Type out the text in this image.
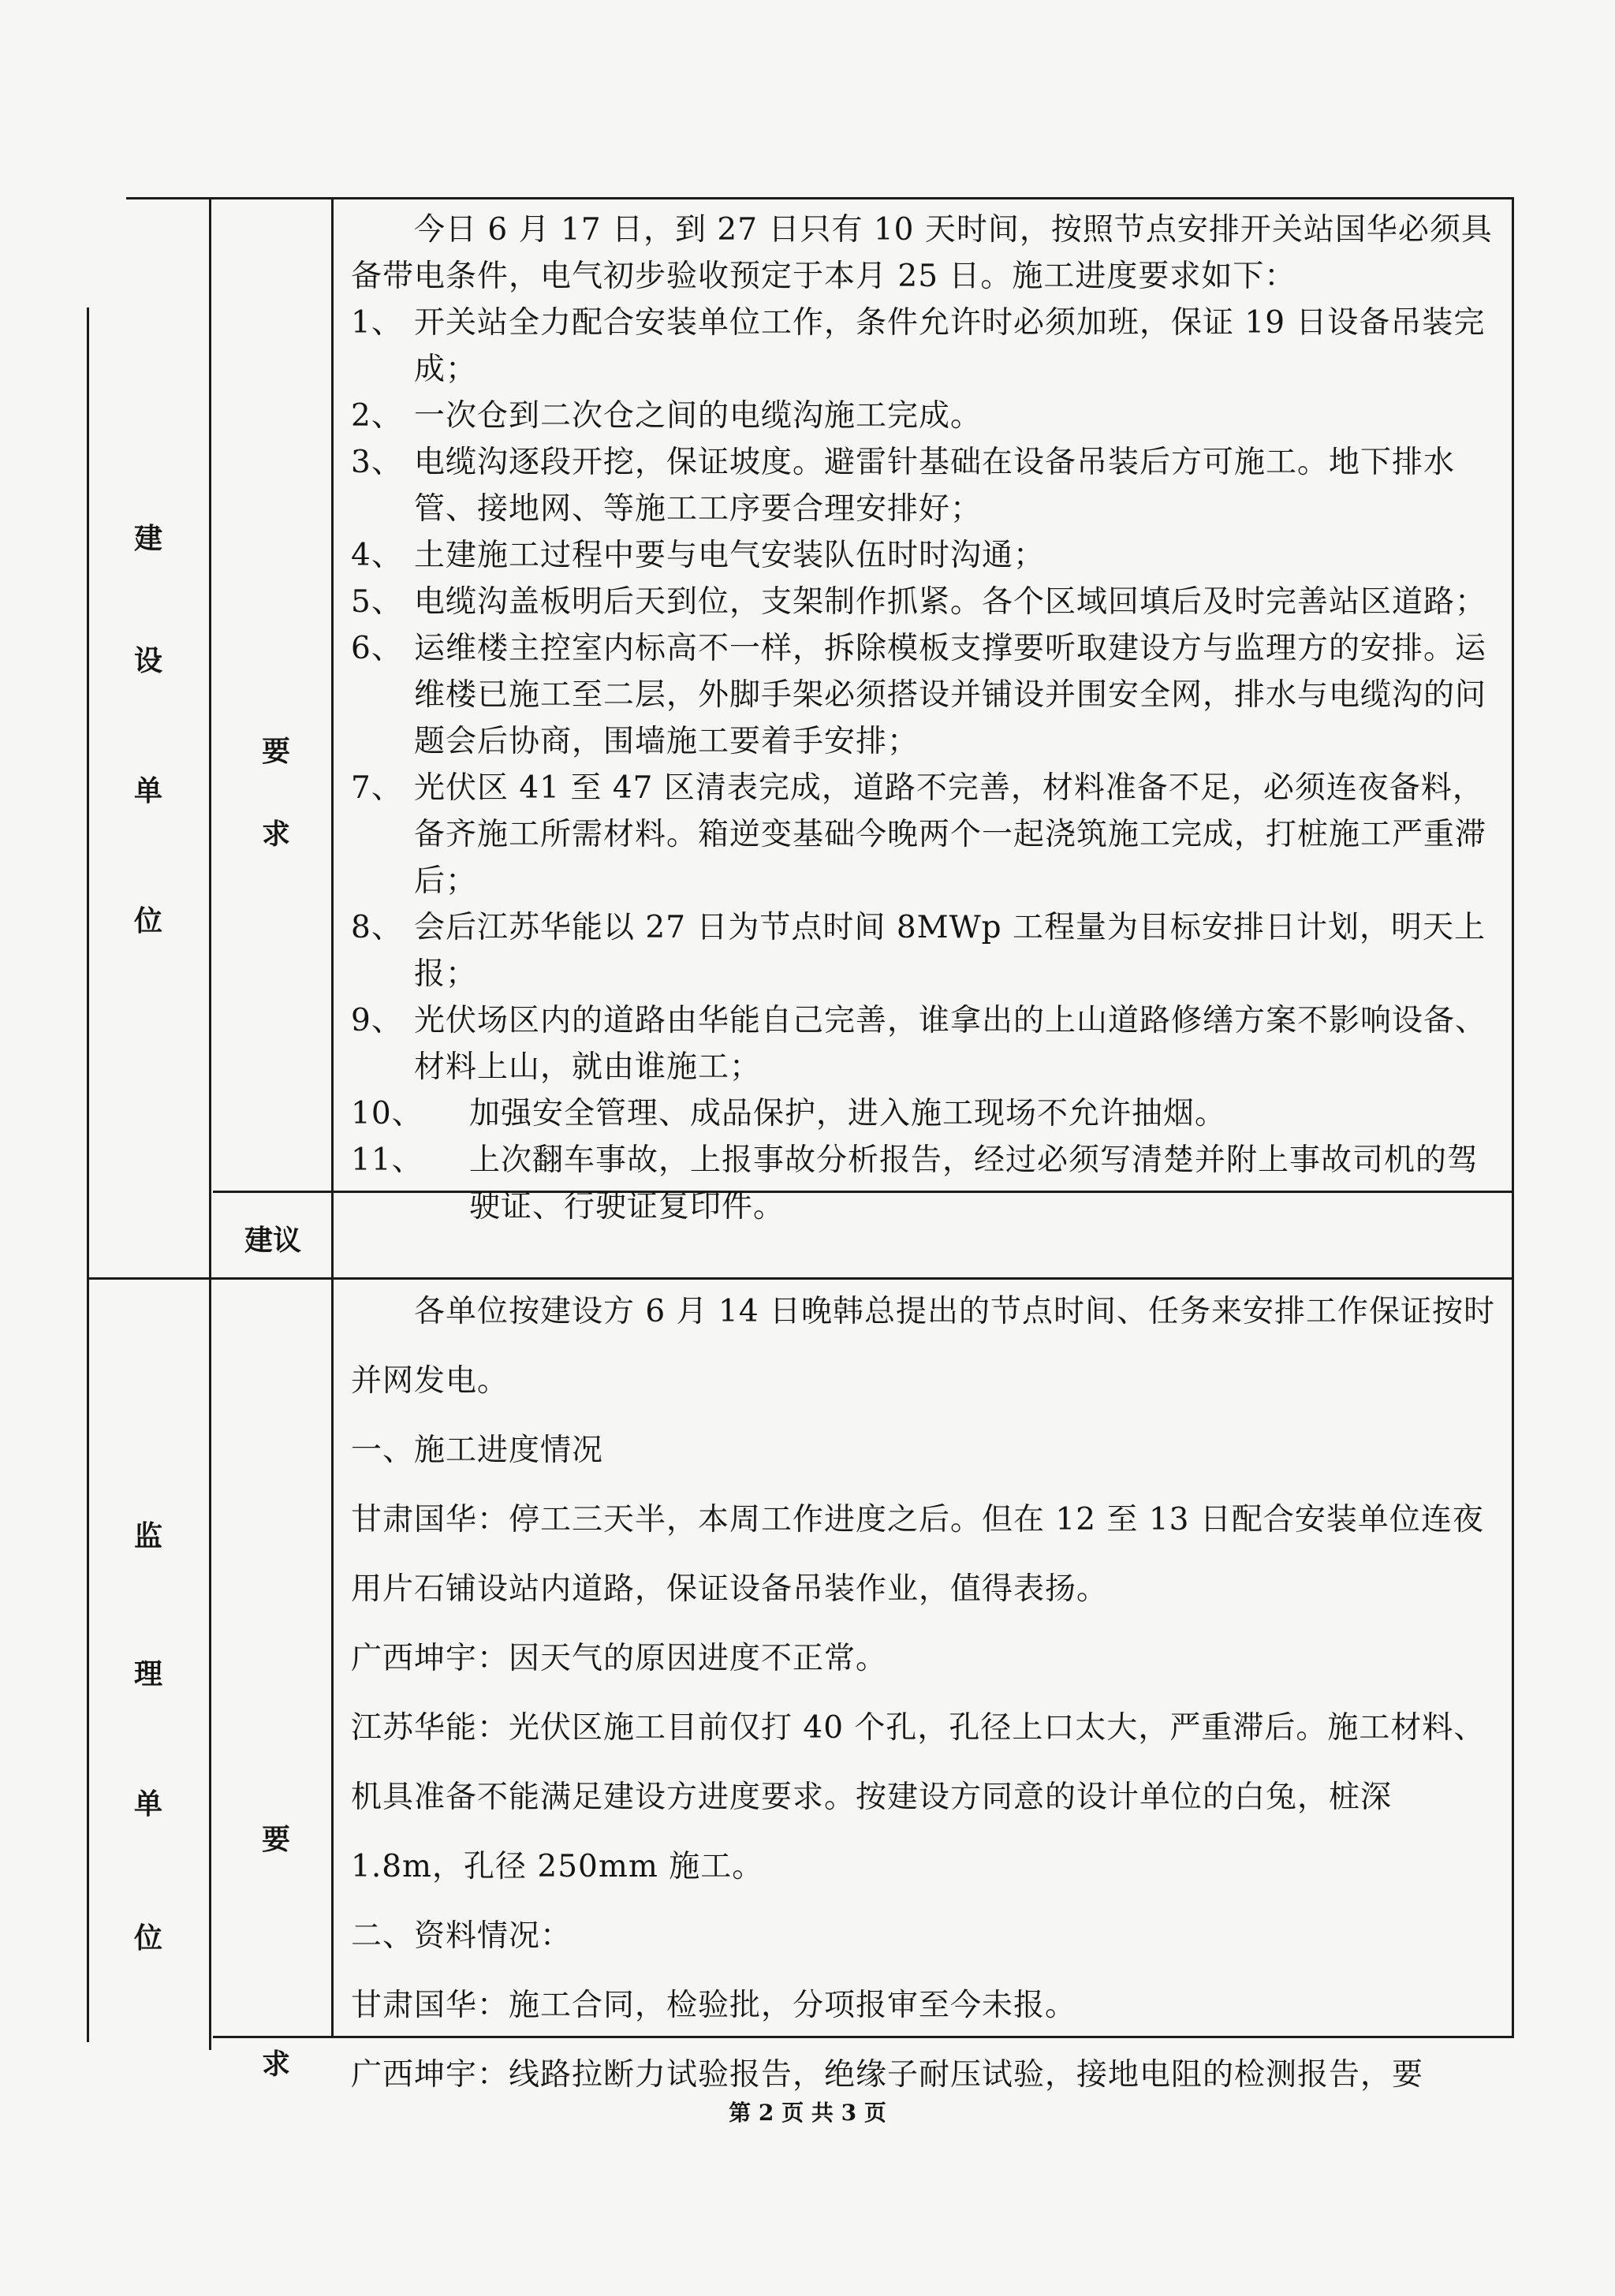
建
设
单
位
要
求
建议

今日 6 月 17 日，到 27 日只有 10 天时间，按照节点安排开关站国华必须具备带电条件，电气初步验收预定于本月 25 日。施工进度要求如下：

1、 开关站全力配合安装单位工作，条件允许时必须加班，保证 19 日设备吊装完成；

2、 一次仓到二次仓之间的电缆沟施工完成。

3、 电缆沟逐段开挖，保证坡度。避雷针基础在设备吊装后方可施工。地下排水管、接地网、等施工工序要合理安排好；

4、 土建施工过程中要与电气安装队伍时时沟通；

5、 电缆沟盖板明后天到位，支架制作抓紧。各个区域回填后及时完善站区道路；

6、 运维楼主控室内标高不一样，拆除模板支撑要听取建设方与监理方的安排。运维楼已施工至二层，外脚手架必须搭设并铺设并围安全网，排水与电缆沟的问题会后协商，围墙施工要着手安排；

7、 光伏区 41 至 47 区清表完成，道路不完善，材料准备不足，必须连夜备料，备齐施工所需材料。箱逆变基础今晚两个一起浇筑施工完成，打桩施工严重滞后；

8、 会后江苏华能以 27 日为节点时间 8MWp 工程量为目标安排日计划，明天上报；

9、 光伏场区内的道路由华能自己完善，谁拿出的上山道路修缮方案不影响设备、材料上山，就由谁施工；

10、 加强安全管理、成品保护，进入施工现场不允许抽烟。

11、 上次翻车事故，上报事故分析报告，经过必须写清楚并附上事故司机的驾驶证、行驶证复印件。

监
理
单
位
要
求

各单位按建设方 6 月 14 日晚韩总提出的节点时间、任务来安排工作保证按时并网发电。

一、施工进度情况

甘肃国华：停工三天半，本周工作进度之后。但在 12 至 13 日配合安装单位连夜用片石铺设站内道路，保证设备吊装作业，值得表扬。

广西坤宇：因天气的原因进度不正常。

江苏华能：光伏区施工目前仅打 40 个孔，孔径上口太大，严重滞后。施工材料、机具准备不能满足建设方进度要求。按建设方同意的设计单位的白兔，桩深 1.8m，孔径 250mm 施工。

二、资料情况：

甘肃国华：施工合同，检验批，分项报审至今未报。

广西坤宇：线路拉断力试验报告，绝缘子耐压试验，接地电阻的检测报告，要

第 2 页 共 3 页
